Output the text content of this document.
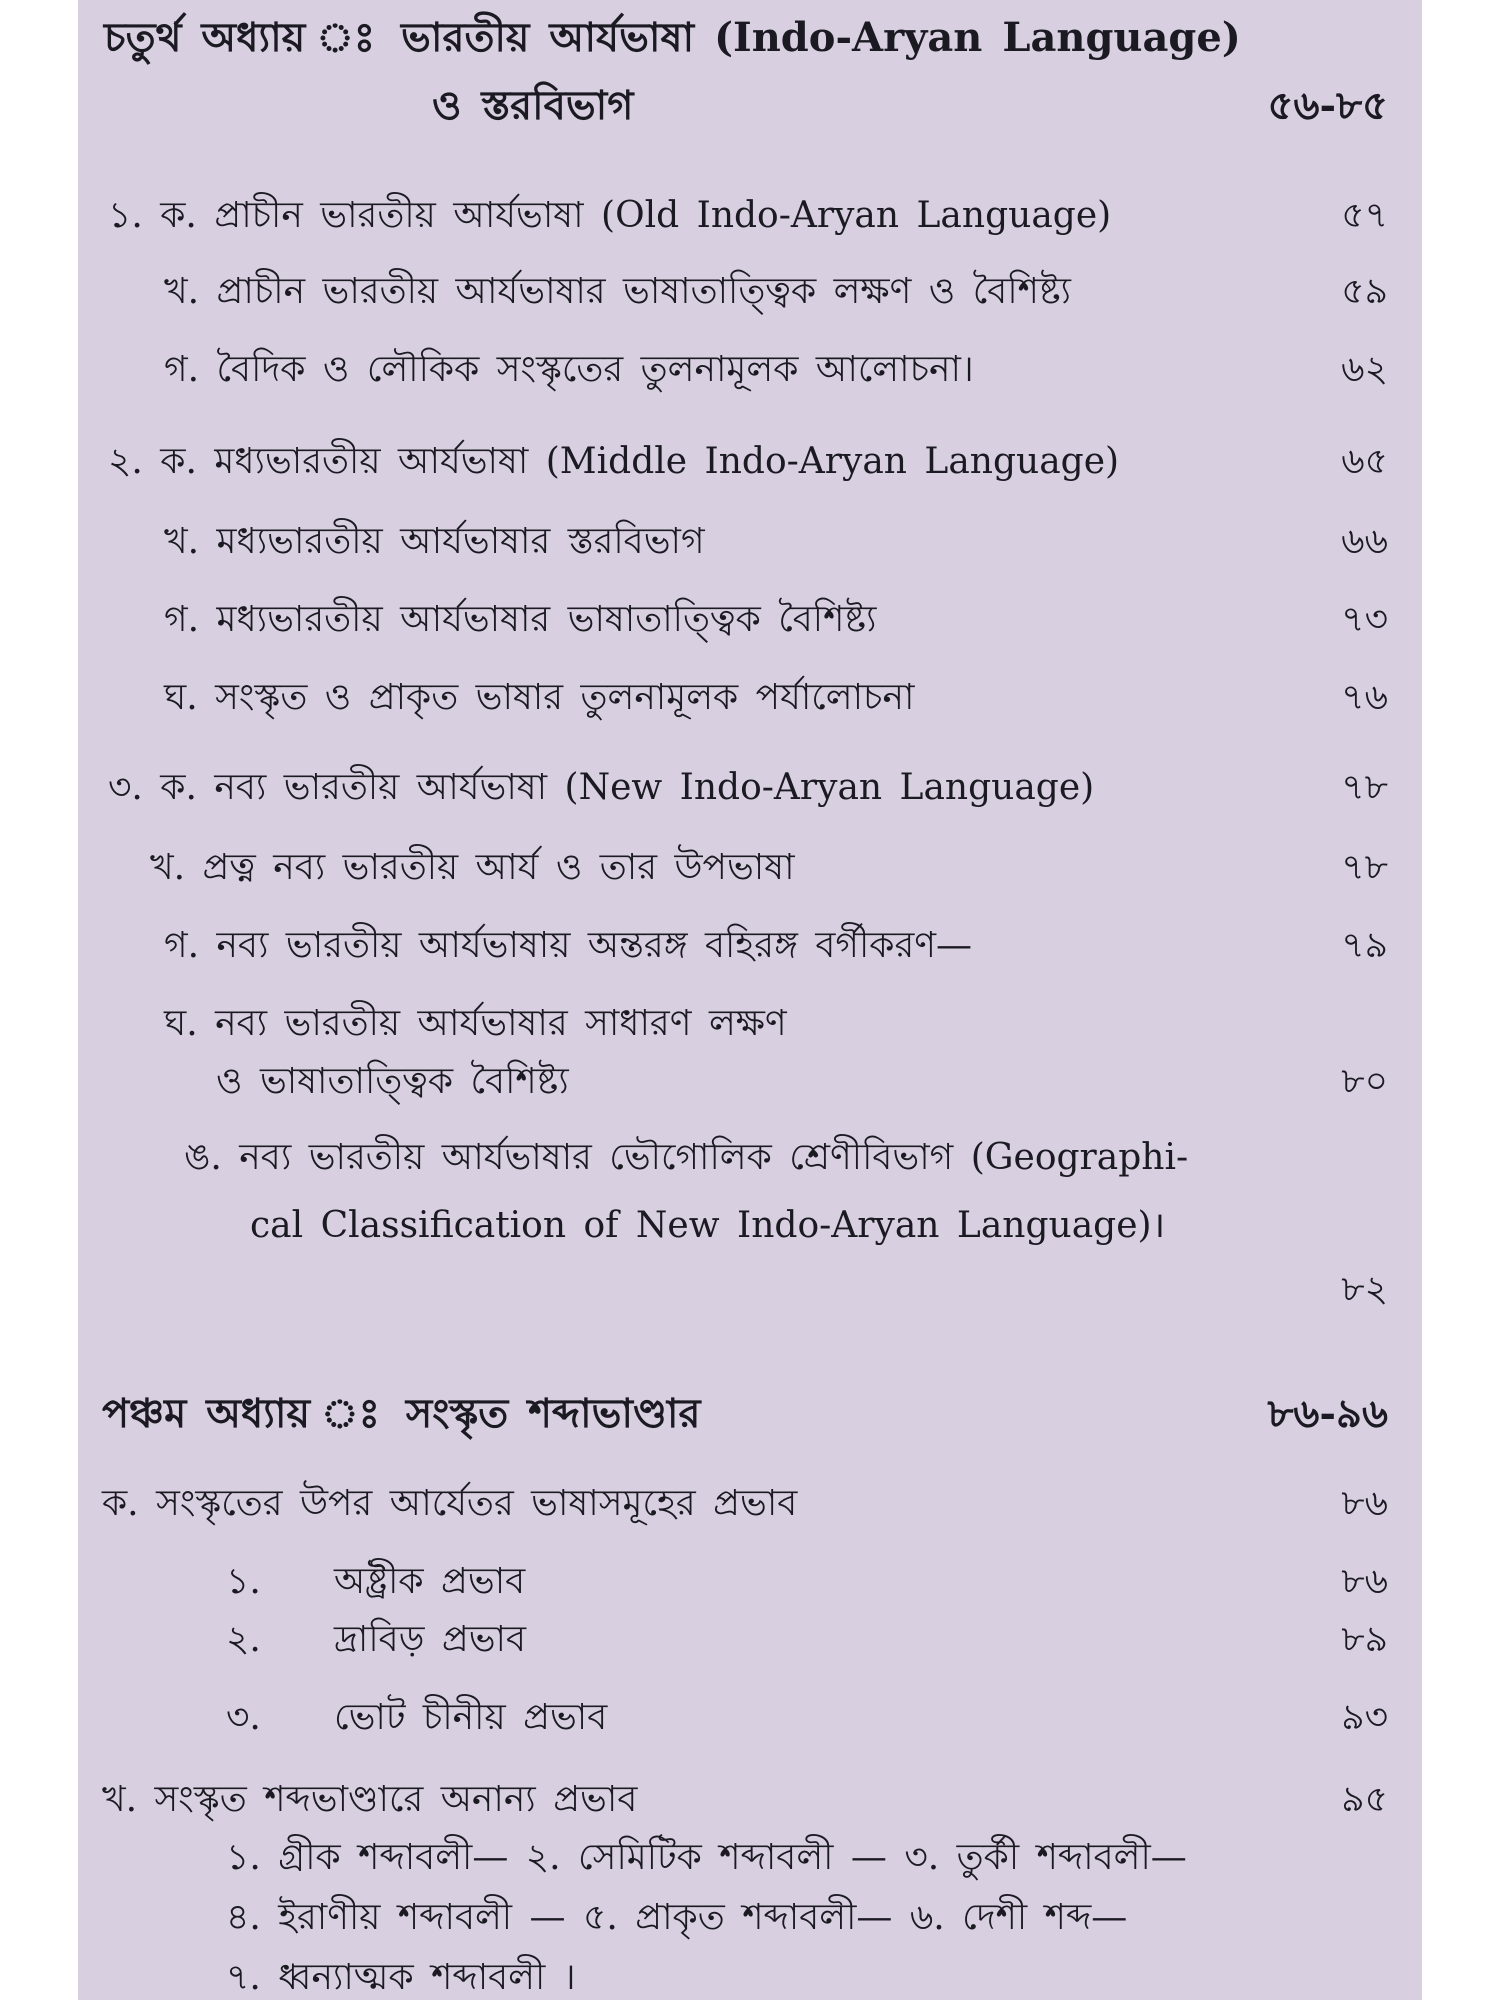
চতুর্থ অধ্যায় ঃ ভারতীয় আর্যভাষা (Indo-Aryan Language)
ও স্তরবিভাগ	৫৬-৮৫
১. ক. প্রাচীন ভারতীয় আর্যভাষা (Old Indo-Aryan Language)	৫৭
খ. প্রাচীন ভারতীয় আর্যভাষার ভাষাতাত্ত্বিক লক্ষণ ও বৈশিষ্ট্য	৫৯
গ. বৈদিক ও লৌকিক সংস্কৃতের তুলনামূলক আলোচনা।	৬২
২. ক. মধ্যভারতীয় আর্যভাষা (Middle Indo-Aryan Language)	৬৫
খ. মধ্যভারতীয় আর্যভাষার স্তরবিভাগ	৬৬
গ. মধ্যভারতীয় আর্যভাষার ভাষাতাত্ত্বিক বৈশিষ্ট্য	৭৩
ঘ. সংস্কৃত ও প্রাকৃত ভাষার তুলনামূলক পর্যালোচনা	৭৬
৩. ক. নব্য ভারতীয় আর্যভাষা (New Indo-Aryan Language)	৭৮
খ. প্রত্ন নব্য ভারতীয় আর্য ও তার উপভাষা	৭৮
গ. নব্য ভারতীয় আর্যভাষায় অন্তরঙ্গ বহিরঙ্গ বর্গীকরণ—	৭৯
ঘ. নব্য ভারতীয় আর্যভাষার সাধারণ লক্ষণ
ও ভাষাতাত্ত্বিক বৈশিষ্ট্য	৮০
ঙ. নব্য ভারতীয় আর্যভাষার ভৌগোলিক শ্রেণীবিভাগ (Geographi-
cal Classification of New Indo-Aryan Language)।
৮২
পঞ্চম অধ্যায় ঃ সংস্কৃত শব্দাভাণ্ডার	৮৬-৯৬
ক. সংস্কৃতের উপর আর্যেতর ভাষাসমূহের প্রভাব	৮৬
১. অষ্ট্রীক প্রভাব	৮৬
২. দ্রাবিড় প্রভাব	৮৯
৩. ভোট চীনীয় প্রভাব	৯৩
খ. সংস্কৃত শব্দভাণ্ডারে অনান্য প্রভাব	৯৫
১. গ্রীক শব্দাবলী— ২. সেমিটিক শব্দাবলী — ৩. তুর্কী শব্দাবলী—
৪. ইরাণীয় শব্দাবলী — ৫. প্রাকৃত শব্দাবলী— ৬. দেশী শব্দ—
৭. ধ্বন্যাত্মক শব্দাবলী ।
